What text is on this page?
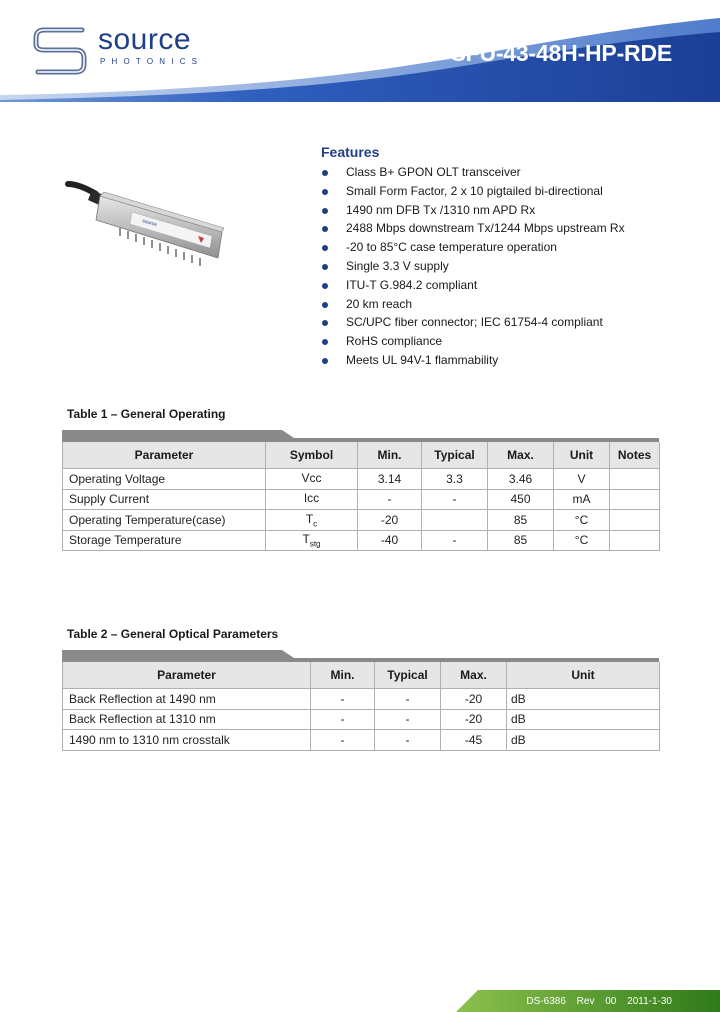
source
PHOTONICS	SFU-43-48H-HP-RDE
source
Features
Class B+ GPON OLT transceiver
Small Form Factor, 2 x 10 pigtailed bi-directional
1490 nm DFB Tx /1310 nm APD Rx
2488 Mbps downstream Tx/1244 Mbps upstream Rx
-20 to 85°C case temperature operation
Single 3.3 V supply
ITU-T G.984.2 compliant
20 km reach
SC/UPC fiber connector; IEC 61754-4 compliant
RoHS compliance
Meets UL 94V-1 flammability
Table 1 – General Operating
Parameter	Symbol	Min.	Typical	Max.	Unit	Notes
Operating Voltage	Vcc	3.14	3.3	3.46	V	
Supply Current	Icc	-	-	450	mA	
Operating Temperature(case)	$T_c$	-20		85	°C	
Storage Temperature	$T_{stg}$	-40	-	85	°C	
Table 2 – General Optical Parameters
Parameter	Min.	Typical	Max.	Unit
Back Reflection at 1490 nm	-	-	-20	dB
Back Reflection at 1310 nm	-	-	-20	dB
1490 nm to 1310 nm crosstalk	-	-	-45	dB
DS-6386 Rev 00 2011-1-30
